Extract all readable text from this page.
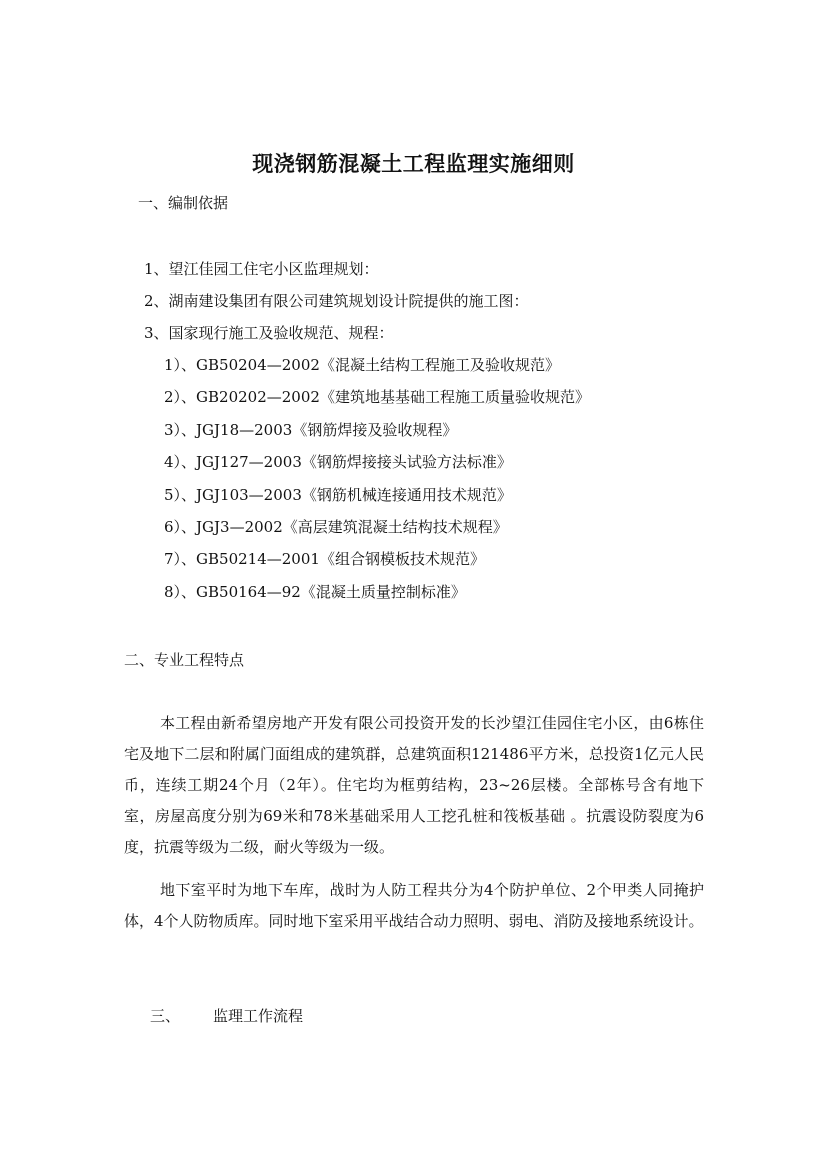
现浇钢筋混凝土工程监理实施细则
一、编制依据
1、望江佳园工住宅小区监理规划：
2、湖南建设集团有限公司建筑规划设计院提供的施工图：
3、国家现行施工及验收规范、规程：
1）、GB50204—2002《混凝土结构工程施工及验收规范》
2）、GB20202—2002《建筑地基基础工程施工质量验收规范》
3）、JGJ18—2003《钢筋焊接及验收规程》
4）、JGJ127—2003《钢筋焊接接头试验方法标准》
5）、JGJ103—2003《钢筋机械连接通用技术规范》
6）、JGJ3—2002《高层建筑混凝土结构技术规程》
7）、GB50214—2001《组合钢模板技术规范》
8）、GB50164—92《混凝土质量控制标准》
二、专业工程特点
本工程由新希望房地产开发有限公司投资开发的长沙望江佳园住宅小区，由6栋住宅及地下二层和附属门面组成的建筑群，总建筑面积121486平方米，总投资1亿元人民币，连续工期24个月（2年）。住宅均为框剪结构，23~26层楼。全部栋号含有地下室，房屋高度分别为69米和78米基础采用人工挖孔桩和筏板基础 。抗震设防裂度为6度，抗震等级为二级，耐火等级为一级。
地下室平时为地下车库，战时为人防工程共分为4个防护单位、2个甲类人同掩护体，4个人防物质库。同时地下室采用平战结合动力照明、弱电、消防及接地系统设计。
三、 监理工作流程
